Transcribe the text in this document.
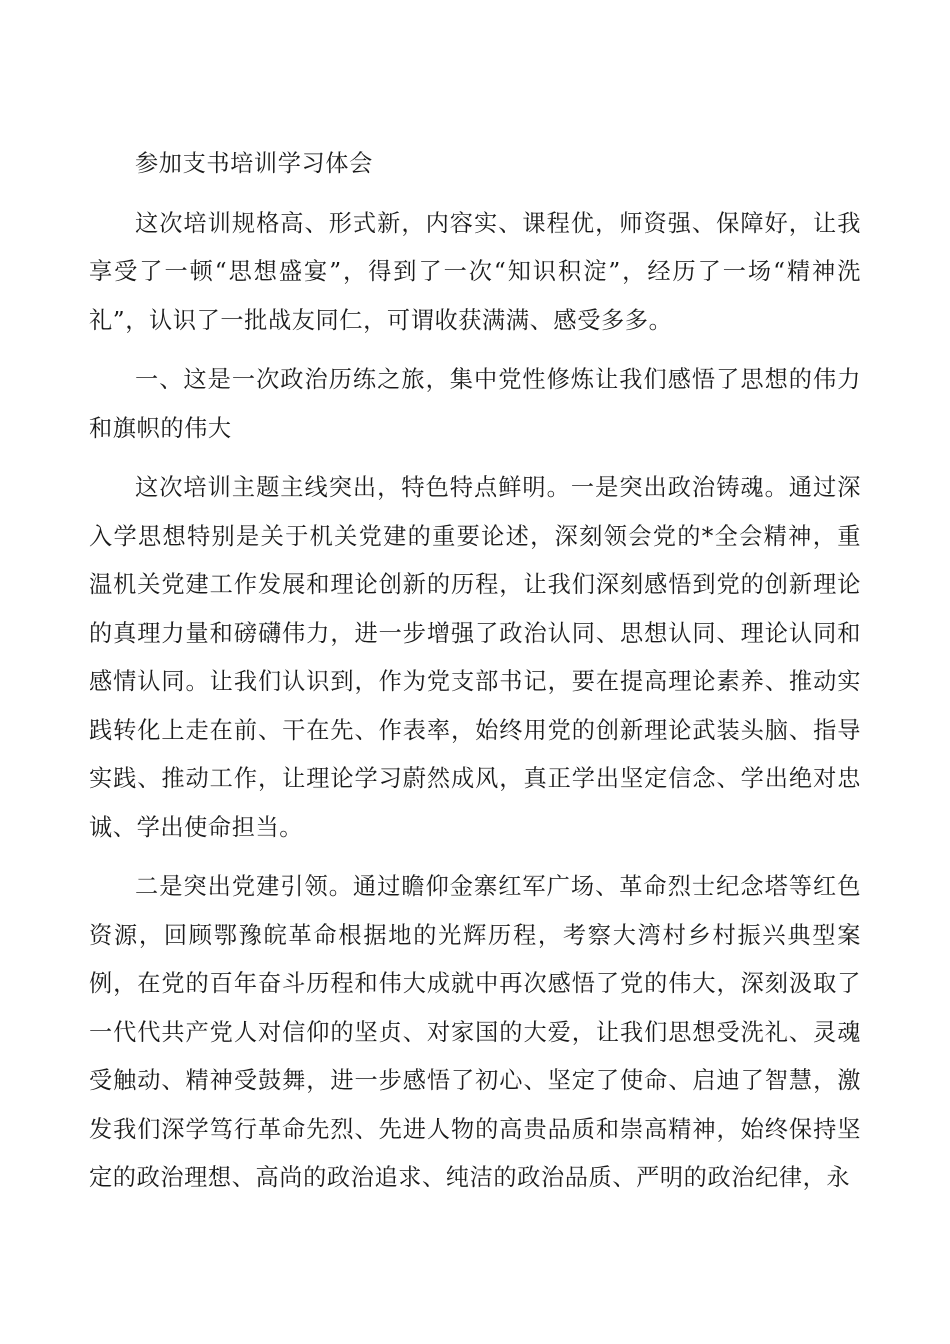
参加支书培训学习体会

这次培训规格高、形式新，内容实、课程优，师资强、保障好，让我享受了一顿“思想盛宴”，得到了一次“知识积淀”，经历了一场“精神洗礼”，认识了一批战友同仁，可谓收获满满、感受多多。

一、这是一次政治历练之旅，集中党性修炼让我们感悟了思想的伟力和旗帜的伟大

这次培训主题主线突出，特色特点鲜明。一是突出政治铸魂。通过深入学思想特别是关于机关党建的重要论述，深刻领会党的*全会精神，重温机关党建工作发展和理论创新的历程，让我们深刻感悟到党的创新理论的真理力量和磅礴伟力，进一步增强了政治认同、思想认同、理论认同和感情认同。让我们认识到，作为党支部书记，要在提高理论素养、推动实践转化上走在前、干在先、作表率，始终用党的创新理论武装头脑、指导实践、推动工作，让理论学习蔚然成风，真正学出坚定信念、学出绝对忠诚、学出使命担当。

二是突出党建引领。通过瞻仰金寨红军广场、革命烈士纪念塔等红色资源，回顾鄂豫皖革命根据地的光辉历程，考察大湾村乡村振兴典型案例，在党的百年奋斗历程和伟大成就中再次感悟了党的伟大，深刻汲取了一代代共产党人对信仰的坚贞、对家国的大爱，让我们思想受洗礼、灵魂受触动、精神受鼓舞，进一步感悟了初心、坚定了使命、启迪了智慧，激发我们深学笃行革命先烈、先进人物的高贵品质和崇高精神，始终保持坚定的政治理想、高尚的政治追求、纯洁的政治品质、严明的政治纪律，永
